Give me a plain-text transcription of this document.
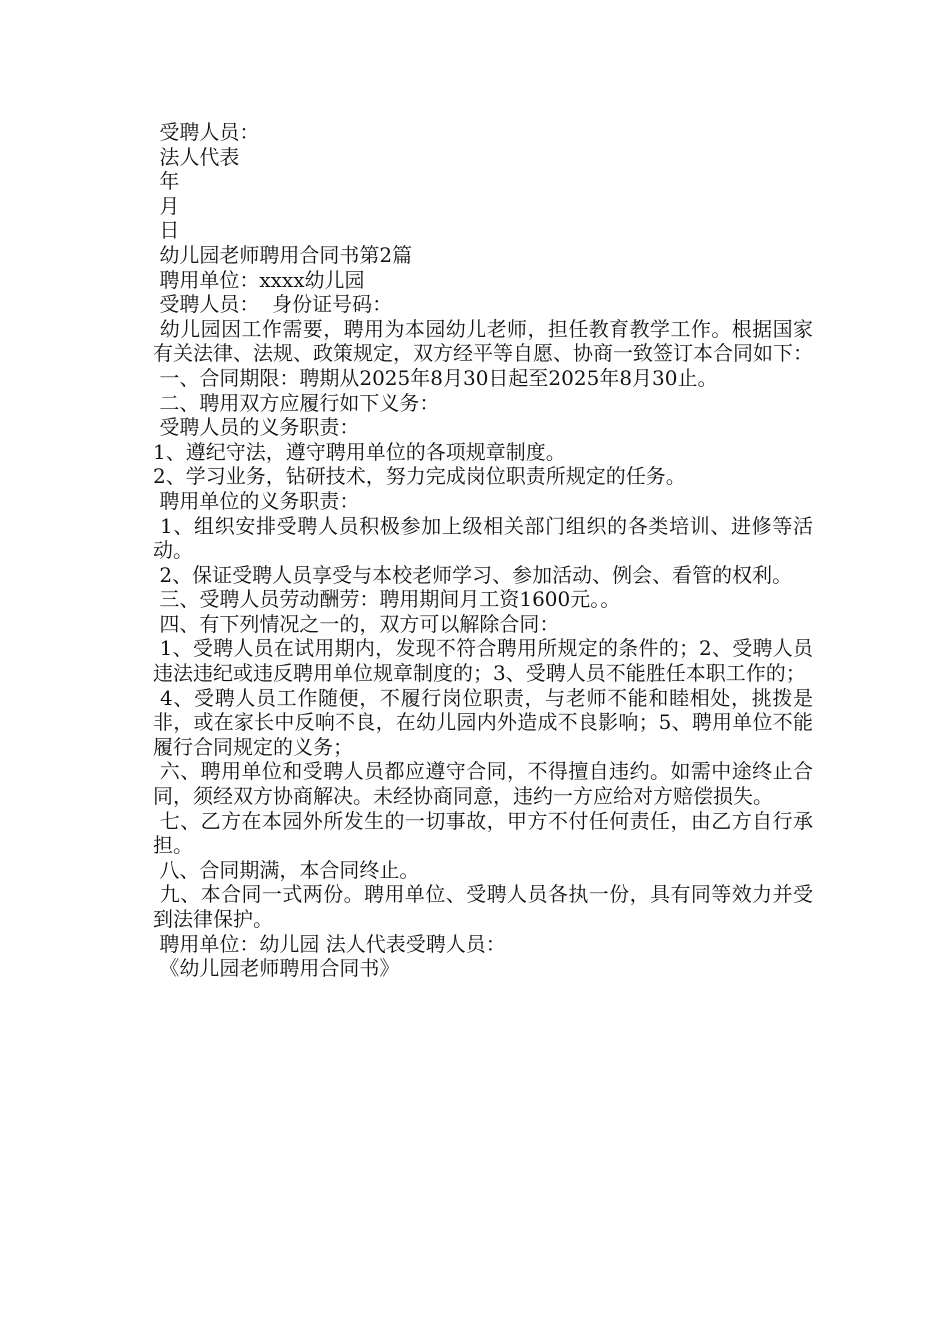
受聘人员：

法人代表

年

月

日

幼儿园老师聘用合同书第2篇

聘用单位：xxxx幼儿园

受聘人员：  身份证号码：

幼儿园因工作需要，聘用为本园幼儿老师，担任教育教学工作。根据国家有关法律、法规、政策规定，双方经平等自愿、协商一致签订本合同如下：

一、合同期限：聘期从2025年8月30日起至2025年8月30止。

二、聘用双方应履行如下义务：

受聘人员的义务职责：

1、遵纪守法，遵守聘用单位的各项规章制度。

2、学习业务，钻研技术，努力完成岗位职责所规定的任务。

聘用单位的义务职责：

1、组织安排受聘人员积极参加上级相关部门组织的各类培训、进修等活动。

2、保证受聘人员享受与本校老师学习、参加活动、例会、看管的权利。

三、受聘人员劳动酬劳：聘用期间月工资1600元。。

四、有下列情况之一的，双方可以解除合同：

1、受聘人员在试用期内，发现不符合聘用所规定的条件的；2、受聘人员违法违纪或违反聘用单位规章制度的；3、受聘人员不能胜任本职工作的；

4、受聘人员工作随便，不履行岗位职责，与老师不能和睦相处，挑拨是非，或在家长中反响不良，在幼儿园内外造成不良影响；5、聘用单位不能履行合同规定的义务；

六、聘用单位和受聘人员都应遵守合同，不得擅自违约。如需中途终止合同，须经双方协商解决。未经协商同意，违约一方应给对方赔偿损失。

七、乙方在本园外所发生的一切事故，甲方不付任何责任，由乙方自行承担。

八、合同期满，本合同终止。

九、本合同一式两份。聘用单位、受聘人员各执一份，具有同等效力并受到法律保护。

聘用单位：幼儿园 法人代表受聘人员：

《幼儿园老师聘用合同书》
